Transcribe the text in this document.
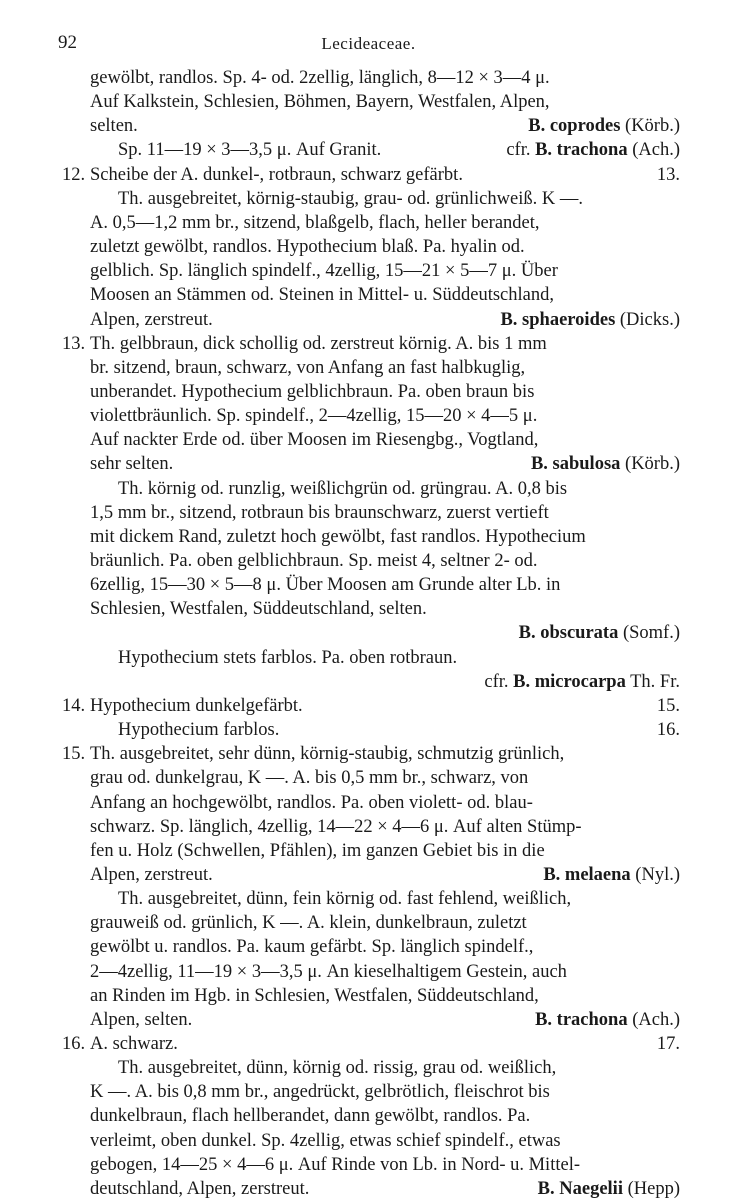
92	Lecideaceae.
gewölbt, randlos. Sp. 4- od. 2zellig, länglich, 8—12 × 3—4 μ.
Auf Kalkstein, Schlesien, Böhmen, Bayern, Westfalen, Alpen,
selten.	B. coprodes (Körb.)
Sp. 11—19 × 3—3,5 μ. Auf Granit.	cfr. B. trachona (Ach.)
12. Scheibe der A. dunkel-, rotbraun, schwarz gefärbt.	13.
Th. ausgebreitet, körnig-staubig, grau- od. grünlichweiß. K —.
A. 0,5—1,2 mm br., sitzend, blaßgelb, flach, heller berandet,
zuletzt gewölbt, randlos. Hypothecium blaß. Pa. hyalin od.
gelblich. Sp. länglich spindelf., 4zellig, 15—21 × 5—7 μ. Über
Moosen an Stämmen od. Steinen in Mittel- u. Süddeutschland,
Alpen, zerstreut.	B. sphaeroides (Dicks.)
13. Th. gelbbraun, dick schollig od. zerstreut körnig. A. bis 1 mm
br. sitzend, braun, schwarz, von Anfang an fast halbkuglig,
unberandet. Hypothecium gelblichbraun. Pa. oben braun bis
violettbräunlich. Sp. spindelf., 2—4zellig, 15—20 × 4—5 μ.
Auf nackter Erde od. über Moosen im Riesengbg., Vogtland,
sehr selten.	B. sabulosa (Körb.)
Th. körnig od. runzlig, weißlichgrün od. grüngrau. A. 0,8 bis
1,5 mm br., sitzend, rotbraun bis braunschwarz, zuerst vertieft
mit dickem Rand, zuletzt hoch gewölbt, fast randlos. Hypothecium
bräunlich. Pa. oben gelblichbraun. Sp. meist 4, seltner 2- od.
6zellig, 15—30 × 5—8 μ. Über Moosen am Grunde alter Lb. in
Schlesien, Westfalen, Süddeutschland, selten.
B. obscurata (Somf.)
Hypothecium stets farblos. Pa. oben rotbraun.
cfr. B. microcarpa Th. Fr.
14. Hypothecium dunkelgefärbt.	15.
Hypothecium farblos.	16.
15. Th. ausgebreitet, sehr dünn, körnig-staubig, schmutzig grünlich,
grau od. dunkelgrau, K —. A. bis 0,5 mm br., schwarz, von
Anfang an hochgewölbt, randlos. Pa. oben violett- od. blau-
schwarz. Sp. länglich, 4zellig, 14—22 × 4—6 μ. Auf alten Stümp-
fen u. Holz (Schwellen, Pfählen), im ganzen Gebiet bis in die
Alpen, zerstreut.	B. melaena (Nyl.)
Th. ausgebreitet, dünn, fein körnig od. fast fehlend, weißlich,
grauweiß od. grünlich, K —. A. klein, dunkelbraun, zuletzt
gewölbt u. randlos. Pa. kaum gefärbt. Sp. länglich spindelf.,
2—4zellig, 11—19 × 3—3,5 μ. An kieselhaltigem Gestein, auch
an Rinden im Hgb. in Schlesien, Westfalen, Süddeutschland,
Alpen, selten.	B. trachona (Ach.)
16. A. schwarz.	17.
Th. ausgebreitet, dünn, körnig od. rissig, grau od. weißlich,
K —. A. bis 0,8 mm br., angedrückt, gelbrötlich, fleischrot bis
dunkelbraun, flach hellberandet, dann gewölbt, randlos. Pa.
verleimt, oben dunkel. Sp. 4zellig, etwas schief spindelf., etwas
gebogen, 14—25 × 4—6 μ. Auf Rinde von Lb. in Nord- u. Mittel-
deutschland, Alpen, zerstreut.	B. Naegelii (Hepp)
